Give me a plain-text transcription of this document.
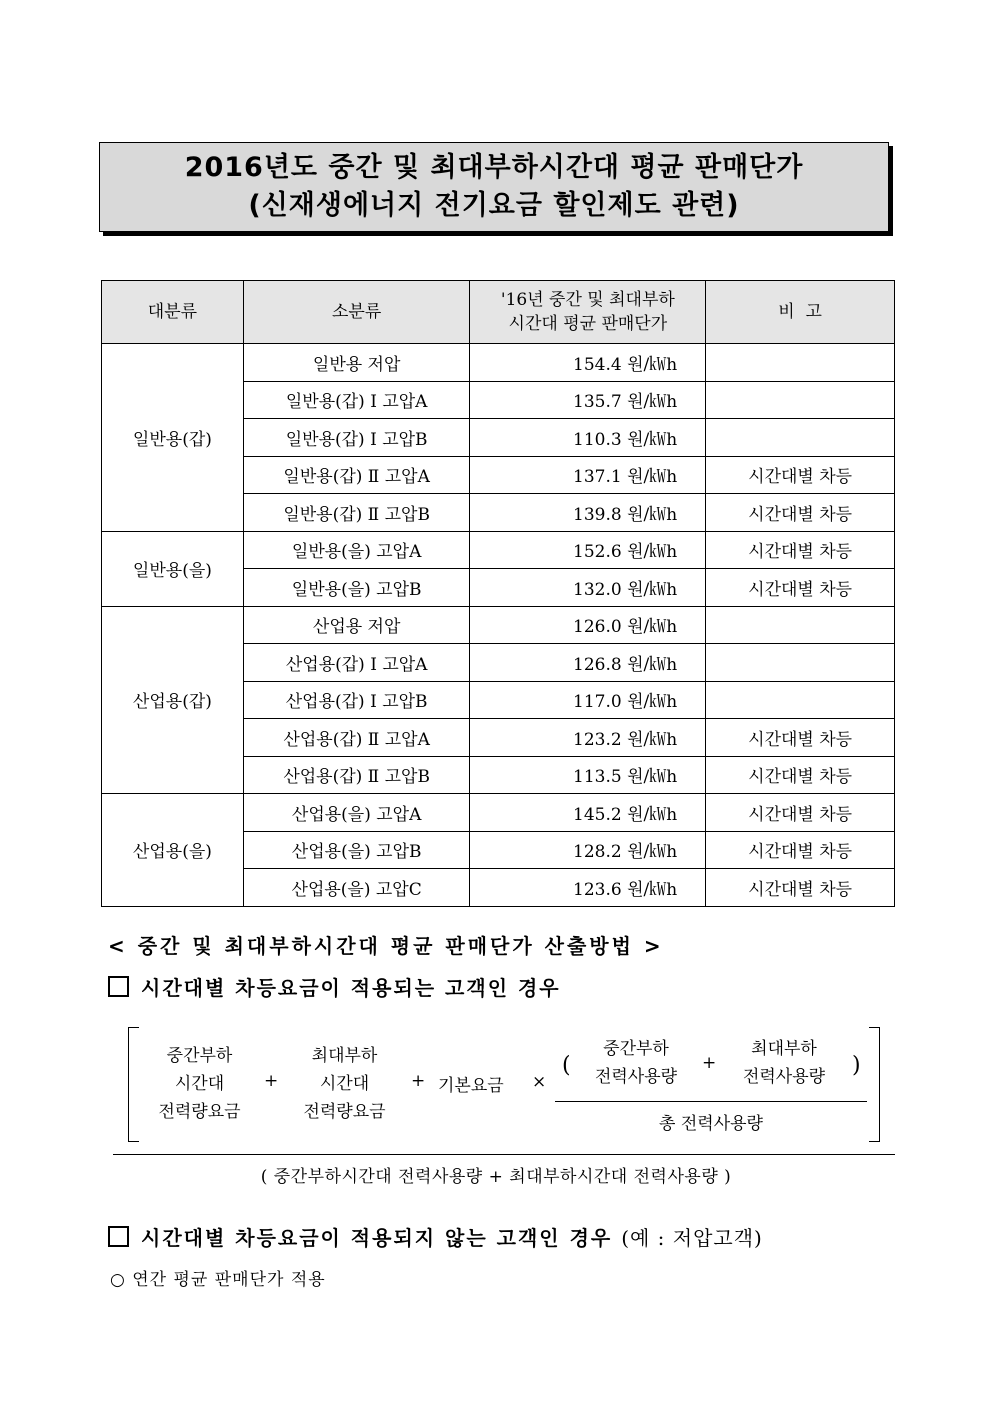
2016년도 중간 및 최대부하시간대 평균 판매단가
(신재생에너지 전기요금 할인제도 관련)
대분류	소분류	'16년 중간 및 최대부하
시간대 평균 판매단가	비  고
일반용(갑)	일반용 저압	154.4 원/㎾h	
	일반용(갑) Ⅰ 고압A	135.7 원/㎾h	
	일반용(갑) Ⅰ 고압B	110.3 원/㎾h	
	일반용(갑) Ⅱ 고압A	137.1 원/㎾h	시간대별 차등
	일반용(갑) Ⅱ 고압B	139.8 원/㎾h	시간대별 차등
일반용(을)	일반용(을) 고압A	152.6 원/㎾h	시간대별 차등
	일반용(을) 고압B	132.0 원/㎾h	시간대별 차등
산업용(갑)	산업용 저압	126.0 원/㎾h	
	산업용(갑) Ⅰ 고압A	126.8 원/㎾h	
	산업용(갑) Ⅰ 고압B	117.0 원/㎾h	
	산업용(갑) Ⅱ 고압A	123.2 원/㎾h	시간대별 차등
	산업용(갑) Ⅱ 고압B	113.5 원/㎾h	시간대별 차등
산업용(을)	산업용(을) 고압A	145.2 원/㎾h	시간대별 차등
	산업용(을) 고압B	128.2 원/㎾h	시간대별 차등
	산업용(을) 고압C	123.6 원/㎾h	시간대별 차등
< 중간 및 최대부하시간대 평균 판매단가 산출방법 >
시간대별 차등요금이 적용되는 고객인 경우
중간부하
시간대
전력량요금
+
최대부하
시간대
전력량요금
+ 기본요금 ×
(
중간부하
전력사용량
+
최대부하
전력사용량	)
총 전력사용량
( 중간부하시간대 전력사용량 + 최대부하시간대 전력사용량 )
시간대별 차등요금이 적용되지 않는 고객인 경우 (예 : 저압고객)
○ 연간 평균 판매단가 적용
